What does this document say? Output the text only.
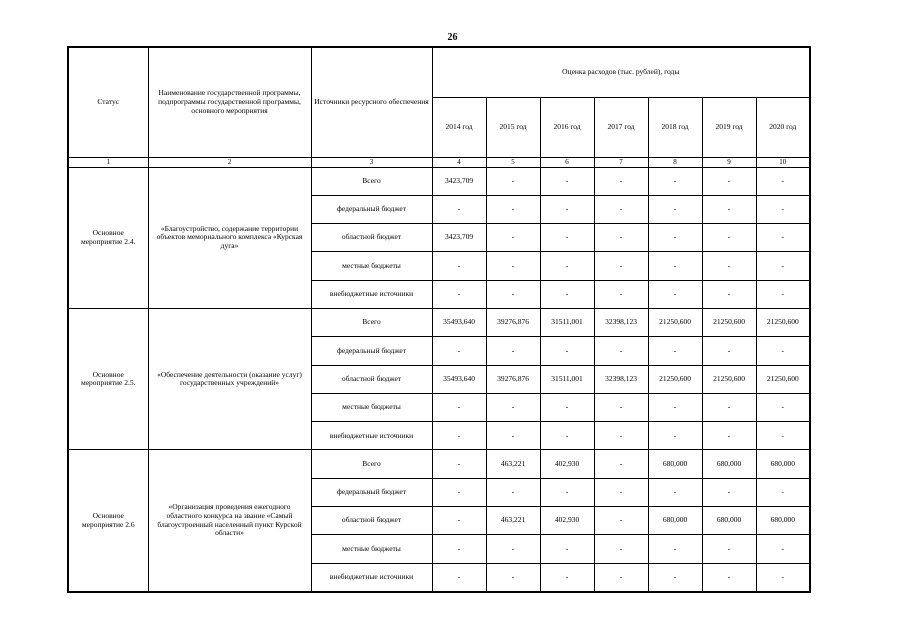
26
Статус	Наименование государственной программы, подпрограммы государственной программы, основного мероприятия	Источники ресурсного обеспечения	Оценка расходов (тыс. рублей), годы						
			2014 год	2015 год	2016 год	2017 год	2018 год	2019 год	2020 год
1	2	3	4	5	6	7	8	9	10
Основное мероприятие 2.4.	«Благоустройство, содержание территории объектов мемориального комплекса «Курская дуга»	Всего	3423,709	-	-	-	-	-	-
		федеральный бюджет	-	-	-	-	-	-	-
		областной бюджет	3423,709	-	-	-	-	-	-
		местные бюджеты	-	-	-	-	-	-	-
		внебюджетные источники	-	-	-	-	-	-	-
Основное мероприятие 2.5.	«Обеспечение деятельности (оказание услуг) государственных учреждений»	Всего	35493,640	39276,876	31511,001	32398,123	21250,600	21250,600	21250,600
		федеральный бюджет	-	-	-	-	-	-	-
		областной бюджет	35493,640	39276,876	31511,001	32398,123	21250,600	21250,600	21250,600
		местные бюджеты	-	-	-	-	-	-	-
		внебюджетные источники	-	-	-	-	-	-	-
Основное мероприятие 2.6	«Организация проведения ежегодного областного конкурса на звание «Самый благоустроенный населенный пункт Курской области»	Всего	-	463,221	402,930	-	680,000	680,000	680,000
		федеральный бюджет	-	-	-	-	-	-	-
		областной бюджет	-	463,221	402,930	-	680,000	680,000	680,000
		местные бюджеты	-	-	-	-	-	-	-
		внебюджетные источники	-	-	-	-	-	-	-
